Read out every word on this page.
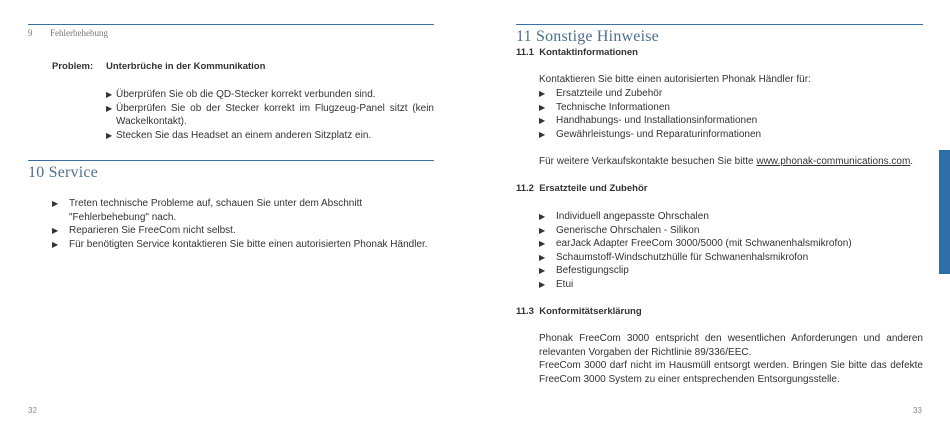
9 Fehlerbehebung
Problem: Unterbrüche in der Kommunikation
▶ Überprüfen Sie ob die QD-Stecker korrekt verbunden sind.
▶ Überprüfen Sie ob der Stecker korrekt im Flugzeug-Panel sitzt (kein Wackelkontakt).
▶ Stecken Sie das Headset an einem anderen Sitzplatz ein.
10 Service
▶ Treten technische Probleme auf, schauen Sie unter dem Abschnitt "Fehlerbehebung" nach.
▶ Reparieren Sie FreeCom nicht selbst.
▶ Für benötigten Service kontaktieren Sie bitte einen autorisierten Phonak Händler.
32
11 Sonstige Hinweise
11.1  Kontaktinformationen
Kontaktieren Sie bitte einen autorisierten Phonak Händler für:
▶ Ersatzteile und Zubehör
▶ Technische Informationen
▶ Handhabungs- und Installationsinformationen
▶ Gewährleistungs- und Reparaturinformationen
Für weitere Verkaufskontakte besuchen Sie bitte www.phonak-communications.com.
11.2  Ersatzteile und Zubehör
▶ Individuell angepasste Ohrschalen
▶ Generische Ohrschalen - Silikon
▶ earJack Adapter FreeCom 3000/5000 (mit Schwanenhalsmikrofon)
▶ Schaumstoff-Windschutzhülle für Schwanenhalsmikrofon
▶ Befestigungsclip
▶ Etui
11.3  Konformitätserklärung
Phonak FreeCom 3000 entspricht den wesentlichen Anforderungen und anderen relevanten Vorgaben der Richtlinie 89/336/EEC.
FreeCom 3000 darf nicht im Hausmüll entsorgt werden. Bringen Sie bitte das defekte FreeCom 3000 System zu einer entsprechenden Entsorgungsstelle.
33
